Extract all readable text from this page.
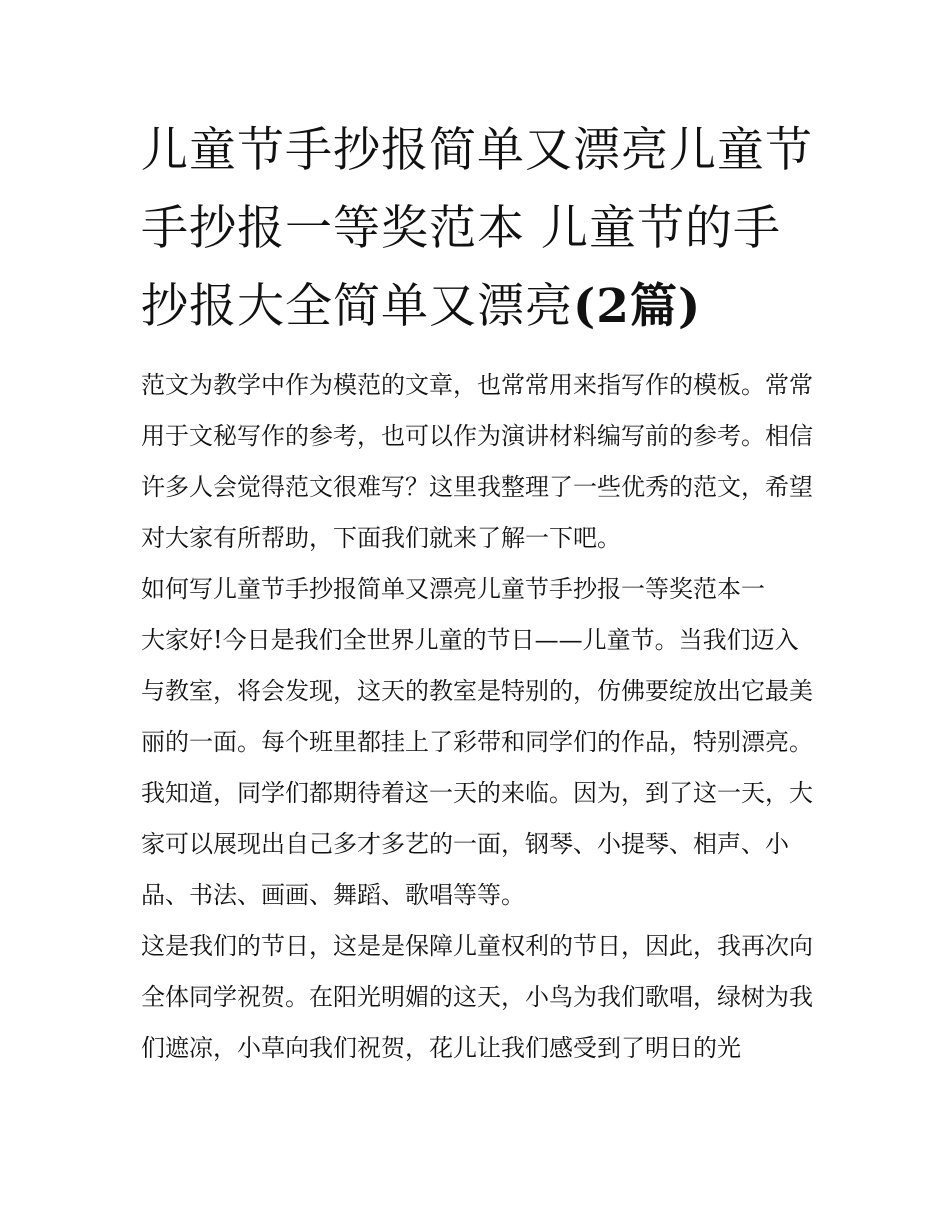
儿童节手抄报简单又漂亮儿童节手抄报一等奖范本 儿童节的手抄报大全简单又漂亮(2篇)

范文为教学中作为模范的文章，也常常用来指写作的模板。常常用于文秘写作的参考，也可以作为演讲材料编写前的参考。相信许多人会觉得范文很难写？这里我整理了一些优秀的范文，希望对大家有所帮助，下面我们就来了解一下吧。

如何写儿童节手抄报简单又漂亮儿童节手抄报一等奖范本一

大家好!今日是我们全世界儿童的节日——儿童节。当我们迈入与教室，将会发现，这天的教室是特别的，仿佛要绽放出它最美丽的一面。每个班里都挂上了彩带和同学们的作品，特别漂亮。

我知道，同学们都期待着这一天的来临。因为，到了这一天，大家可以展现出自己多才多艺的一面，钢琴、小提琴、相声、小品、书法、画画、舞蹈、歌唱等等。

这是我们的节日，这是是保障儿童权利的节日，因此，我再次向全体同学祝贺。在阳光明媚的这天，小鸟为我们歌唱，绿树为我们遮凉，小草向我们祝贺，花儿让我们感受到了明日的光
